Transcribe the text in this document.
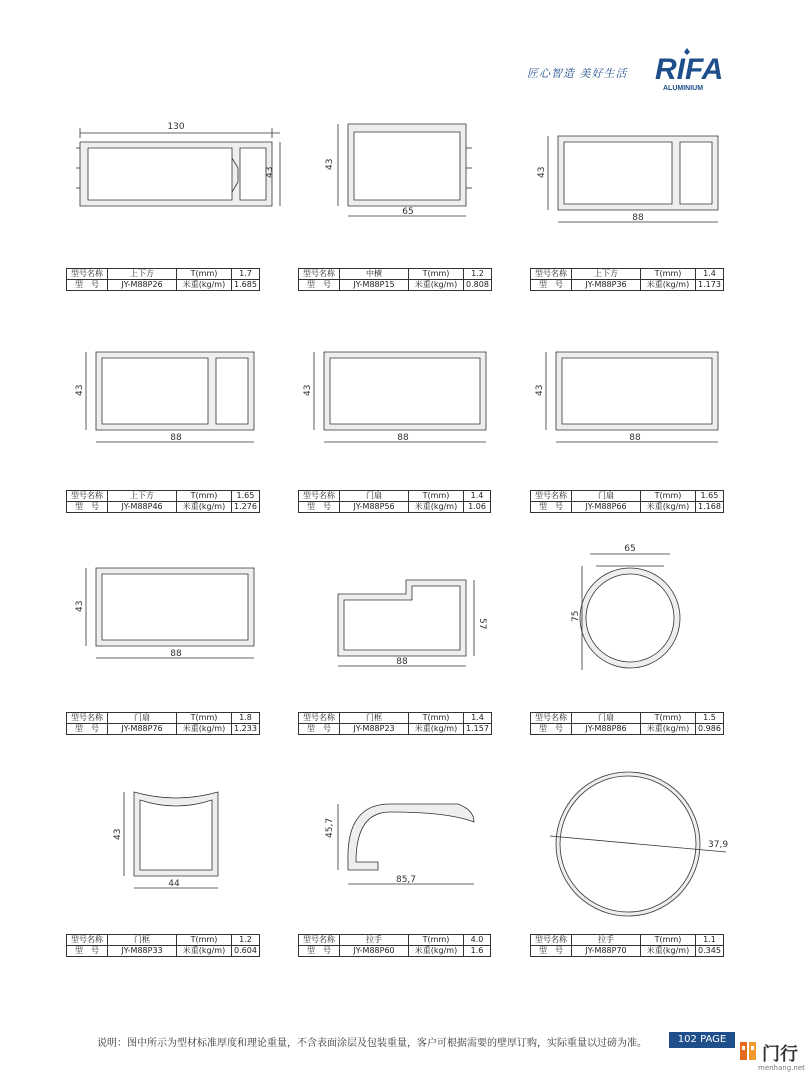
匠心智造 美好生活 RIFA
ALUMINIUM
130
43
型号名称	上下方	T(mm)	1.7
型　号	JY-M88P26	米重(kg/m)	1.685
43
65
型号名称	中横	T(mm)	1.2
型　号	JY-M88P15	米重(kg/m)	0.808
43
88
型号名称	上下方	T(mm)	1.4
型　号	JY-M88P36	米重(kg/m)	1.173
43
88
型号名称	上下方	T(mm)	1.65
型　号	JY-M88P46	米重(kg/m)	1.276
43
88
型号名称	门扇	T(mm)	1.4
型　号	JY-M88P56	米重(kg/m)	1.06
43
88
型号名称	门扇	T(mm)	1.65
型　号	JY-M88P66	米重(kg/m)	1.168
43
88
型号名称	门扇	T(mm)	1.8
型　号	JY-M88P76	米重(kg/m)	1.233
57
88
型号名称	门框	T(mm)	1.4
型　号	JY-M88P23	米重(kg/m)	1.157
65
75
型号名称	门扇	T(mm)	1.5
型　号	JY-M88P86	米重(kg/m)	0.986
43
44
型号名称	门框	T(mm)	1.2
型　号	JY-M88P33	米重(kg/m)	0.604
45,7
85,7
型号名称	拉手	T(mm)	4.0
型　号	JY-M88P60	米重(kg/m)	1.6
37,9
型号名称	拉手	T(mm)	1.1
型　号	JY-M88P70	米重(kg/m)	0.345
说明：图中所示为型材标准厚度和理论重量，不含表面涂层及包装重量，客户可根据需要的壁厚订购，实际重量以过磅为准。	102 PAGE
门行
menhang.net
